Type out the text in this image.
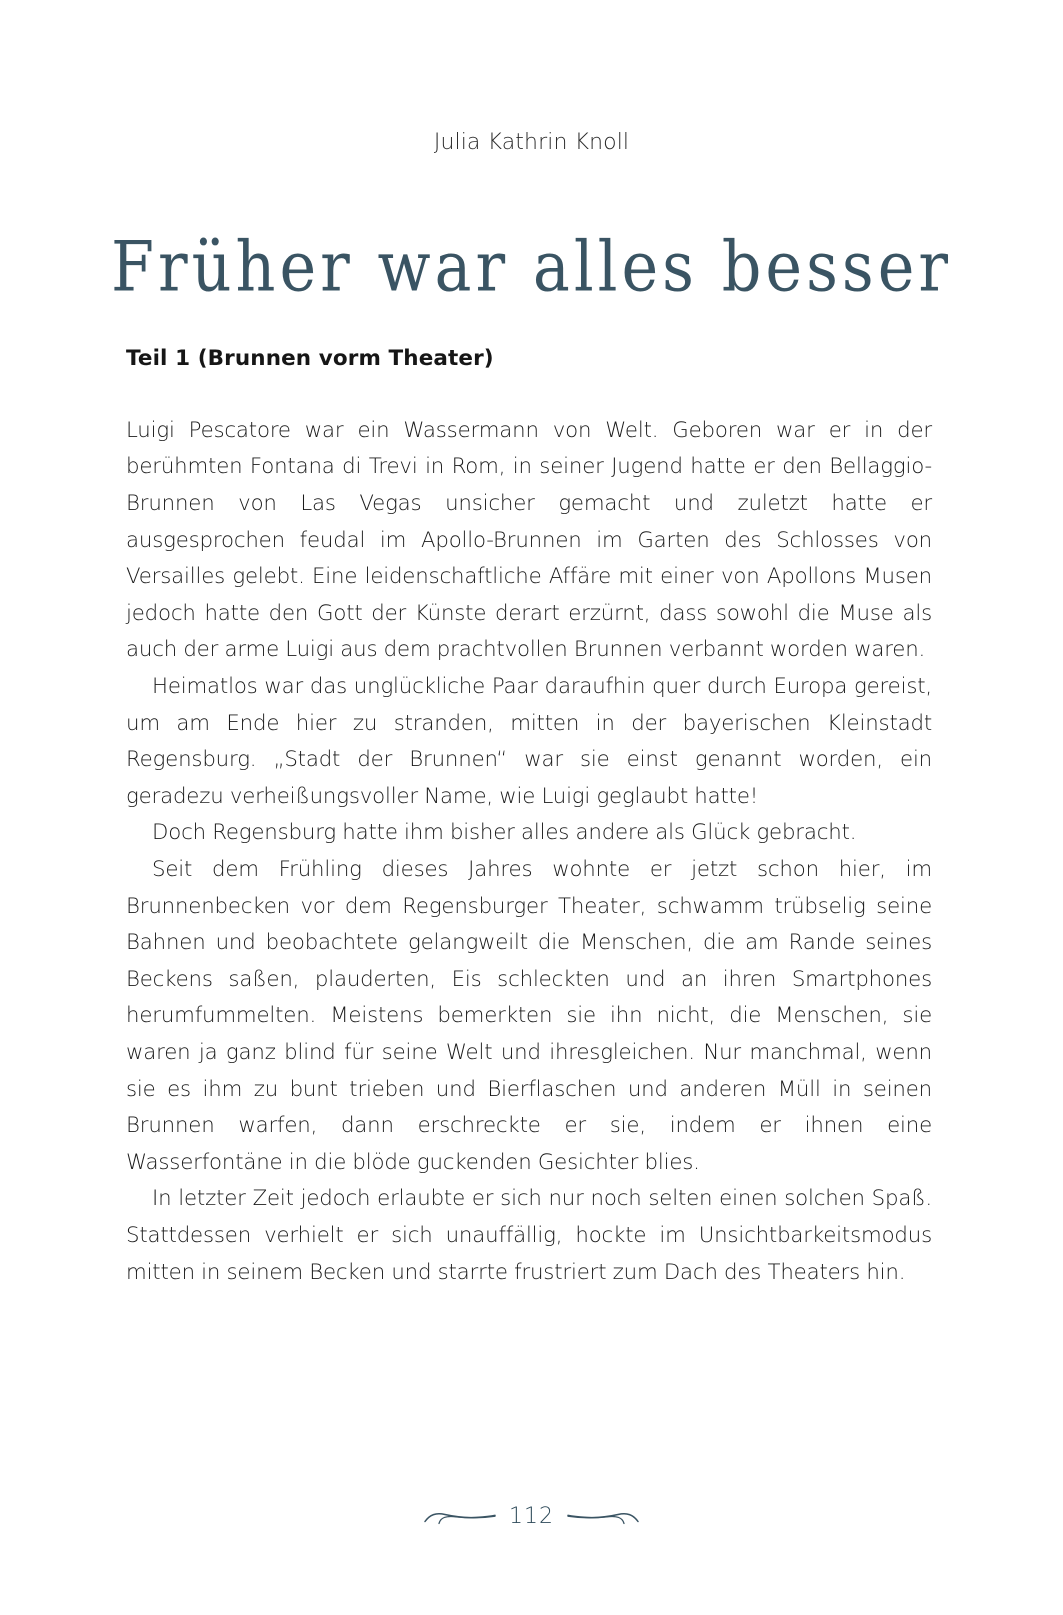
Julia Kathrin Knoll
Früher war alles besser
Teil 1 (Brunnen vorm Theater)

Luigi Pescatore war ein Wassermann von Welt. Geboren war er in der berühmten Fontana di Trevi in Rom, in seiner Jugend hatte er den Bellaggio-Brunnen von Las Vegas unsicher gemacht und zuletzt hatte er ausgesprochen feudal im Apollo-Brunnen im Garten des Schlosses von Versailles gelebt. Eine leidenschaftliche Affäre mit einer von Apollons Musen jedoch hatte den Gott der Künste derart erzürnt, dass sowohl die Muse als auch der arme Luigi aus dem prachtvollen Brunnen verbannt worden waren.

Heimatlos war das unglückliche Paar daraufhin quer durch Europa gereist, um am Ende hier zu stranden, mitten in der bayerischen Kleinstadt Regensburg. „Stadt der Brunnen“ war sie einst genannt worden, ein geradezu verheißungsvoller Name, wie Luigi geglaubt hatte!

Doch Regensburg hatte ihm bisher alles andere als Glück gebracht.

Seit dem Frühling dieses Jahres wohnte er jetzt schon hier, im Brunnenbecken vor dem Regensburger Theater, schwamm trübselig seine Bahnen und beobachtete gelangweilt die Menschen, die am Rande seines Beckens saßen, plauderten, Eis schleckten und an ihren Smartphones herumfummelten. Meistens bemerkten sie ihn nicht, die Menschen, sie waren ja ganz blind für seine Welt und ihresgleichen. Nur manchmal, wenn sie es ihm zu bunt trieben und Bierflaschen und anderen Müll in seinen Brunnen warfen, dann erschreckte er sie, indem er ihnen eine Wasserfontäne in die blöde guckenden Gesichter blies.

In letzter Zeit jedoch erlaubte er sich nur noch selten einen solchen Spaß. Stattdessen verhielt er sich unauffällig, hockte im Unsichtbarkeitsmodus mitten in seinem Becken und starrte frustriert zum Dach des Theaters hin.

112
